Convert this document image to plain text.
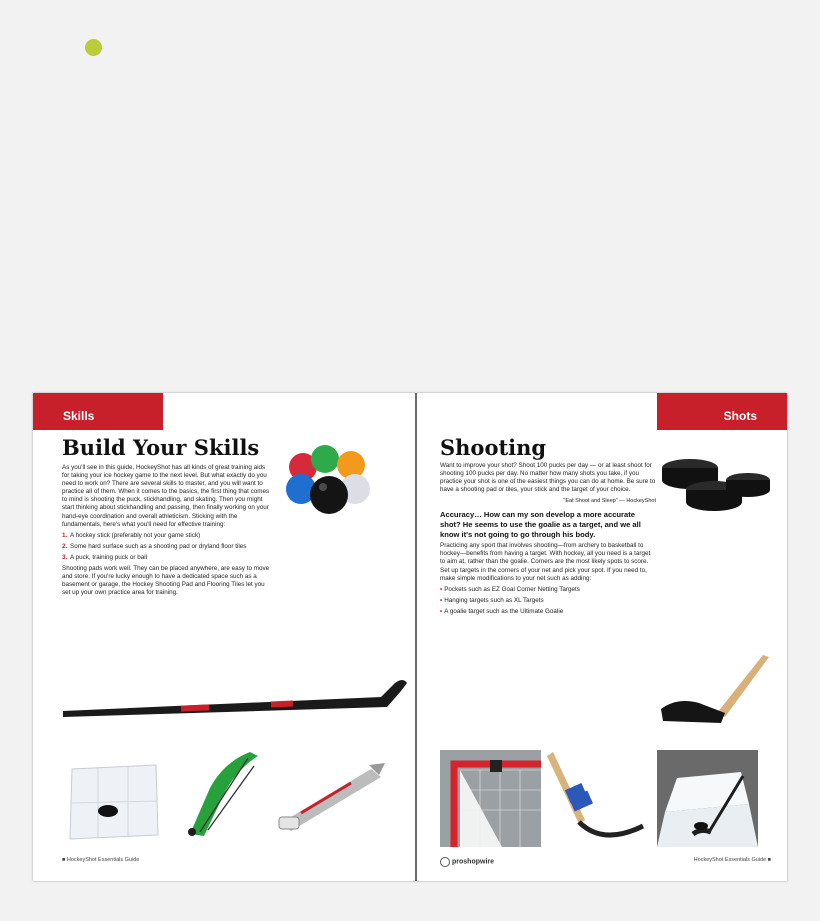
Skills
Build Your Skills

As you'll see in this guide, HockeyShot has all kinds of great training aids for taking your ice hockey game to the next level. But what exactly do you need to work on? There are several skills to master, and you will want to practice all of them. When it comes to the basics, the first thing that comes to mind is shooting the puck, stickhandling, and skating. Then you might start thinking about stickhandling and passing, then finally working on your hand-eye coordination and overall athleticism. Sticking with the fundamentals, here's what you'll need for effective training:

1. A hockey stick (preferably not your game stick)
2. Some hard surface such as a shooting pad or dryland floor tiles
3. A puck, training puck or ball

Shooting pads work well. They can be placed anywhere, are easy to move and store. If you're lucky enough to have a dedicated space such as a basement or garage, the Hockey Shooting Pad and Flooring Tiles let you set up your own practice area for training.

■ HockeyShot Essentials Guide
Shots
Shooting

Want to improve your shot? Shoot 100 pucks per day — or at least shoot for shooting 100 pucks per day. No matter how many shots you take, if you practice your shot is one of the easiest things you can do at home. Be sure to have a shooting pad or tiles, your stick and the target of your choice.

"Eat Shoot and Sleep" — HockeyShot

Accuracy… How can my son develop a more accurate shot? He seems to use the goalie as a target, and we all know it's not going to go through his body.

Practicing any sport that involves shooting—from archery to basketball to hockey—benefits from having a target. With hockey, all you need is a target to aim at, rather than the goalie. Corners are the most likely spots to score. Set up targets in the corners of your net and pick your spot. If you need to, make simple modifications to your net such as adding:

• Pockets such as EZ Goal Corner Netting Targets
• Hanging targets such as XL Targets
• A goalie target such as the Ultimate Goalie
proshopwire	HockeyShot Essentials Guide ■
